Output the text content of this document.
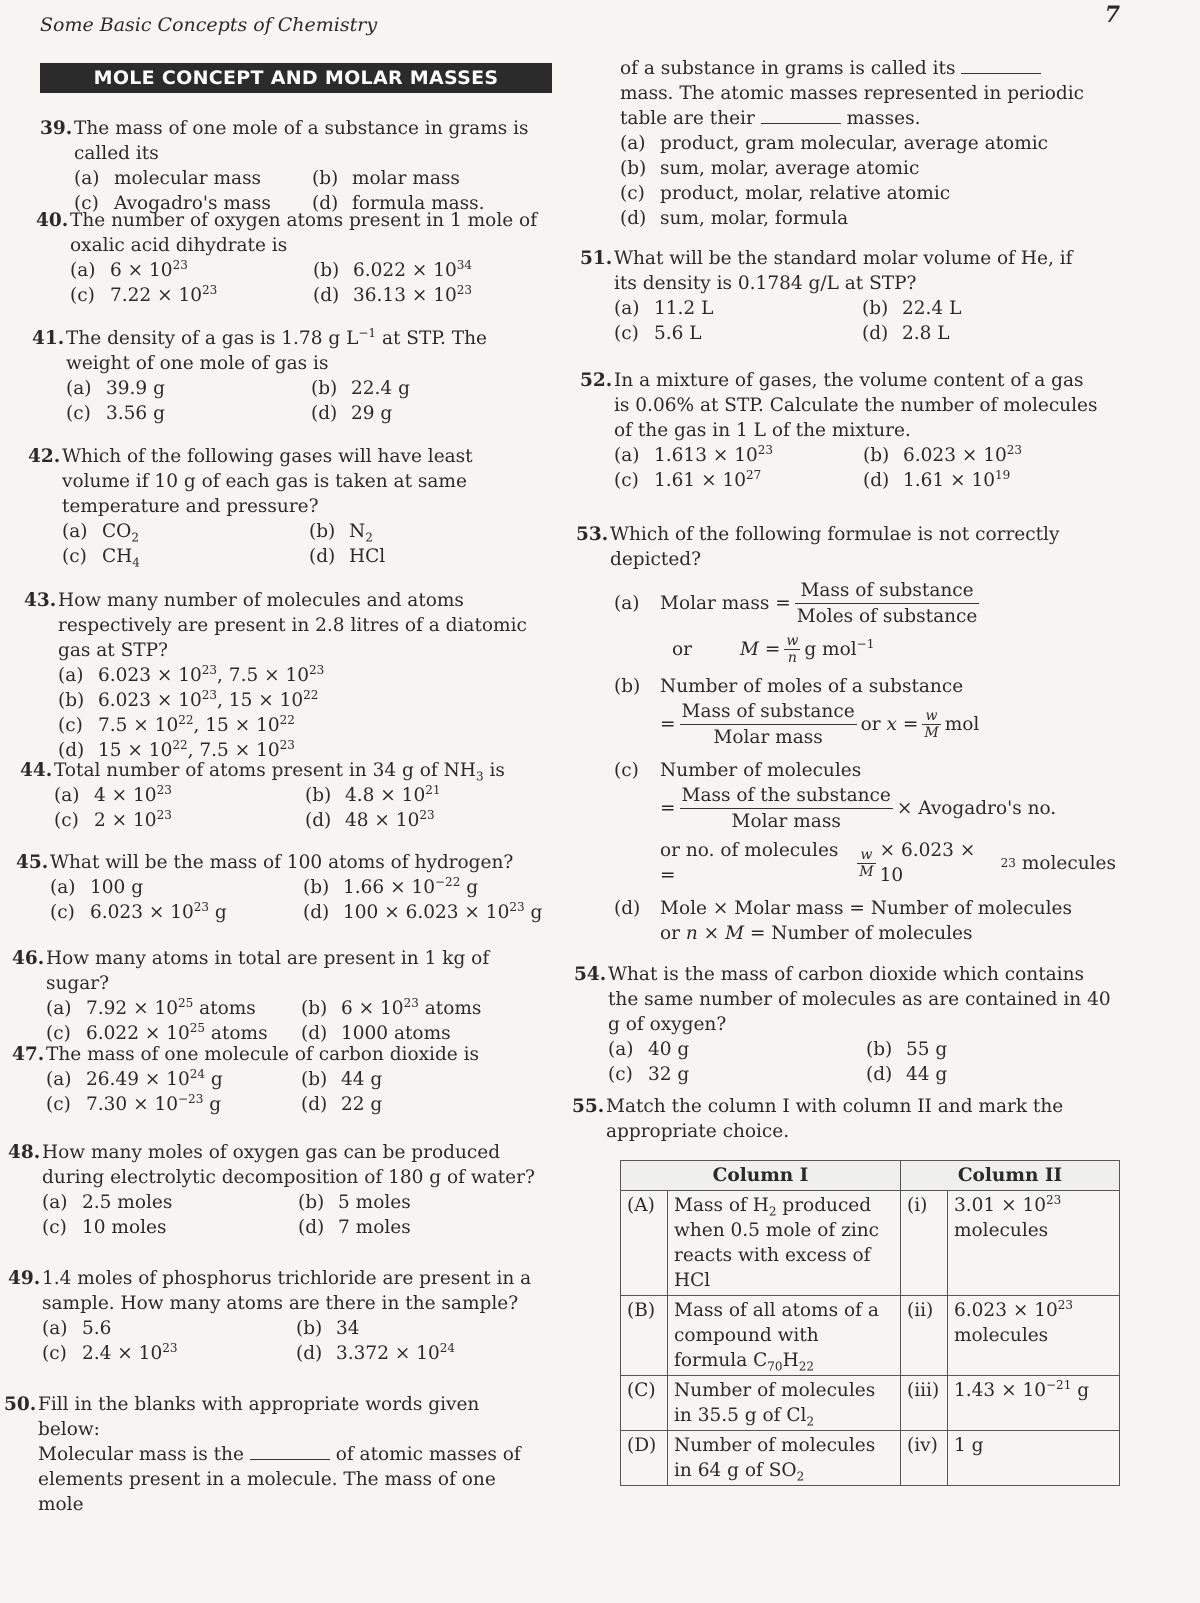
Some Basic Concepts of Chemistry	7
MOLE CONCEPT AND MOLAR MASSES
39. The mass of one mole of a substance in grams is called its
(a) molecular mass	(b) molar mass
(c) Avogadro's mass (d) formula mass.
40. The number of oxygen atoms present in 1 mole of oxalic acid dihydrate is
(a) $6 \times 10^{23}$	(b) $6.022 \times 10^{34}$
(c) $7.22 \times 10^{23}$	(d) $36.13 \times 10^{23}$
41. The density of a gas is 1.78 g $L^{-1}$ at STP. The weight of one mole of gas is
(a) 39.9 g	(b) 22.4 g
(c) 3.56 g	(d) 29 g
42. Which of the following gases will have least volume if 10 g of each gas is taken at same temperature and pressure?
(a) $CO_2$	(b) $N_2$
(c) $CH_4$	(d) HCl
43. How many number of molecules and atoms respectively are present in 2.8 litres of a diatomic gas at STP?
(a) $6.023 \times 10^{23}$, $7.5 \times 10^{23}$
(b) $6.023 \times 10^{23}$, $15 \times 10^{22}$
(c) $7.5 \times 10^{22}$, $15 \times 10^{22}$
(d) $15 \times 10^{22}$, $7.5 \times 10^{23}$
44. Total number of atoms present in 34 g of $NH_3$ is
(a) $4 \times 10^{23}$	(b) $4.8 \times 10^{21}$
(c) $2 \times 10^{23}$	(d) $48 \times 10^{23}$
45. What will be the mass of 100 atoms of hydrogen?
(a) 100 g	(b) $1.66 \times 10^{-22}$ g
(c) $6.023 \times 10^{23}$ g	(d) $100 \times 6.023 \times 10^{23}$ g
46. How many atoms in total are present in 1 kg of sugar?
(a) $7.92 \times 10^{25}$ atoms (b) $6 \times 10^{23}$ atoms
(c) $6.022 \times 10^{25}$ atoms (d) 1000 atoms
47. The mass of one molecule of carbon dioxide is
(a) $26.49 \times 10^{24}$ g	(b) 44 g
(c) $7.30 \times 10^{-23}$ g	(d) 22 g
48. How many moles of oxygen gas can be produced during electrolytic decomposition of 180 g of water?
(a) 2.5 moles	(b) 5 moles
(c) 10 moles	(d) 7 moles
49. 1.4 moles of phosphorus trichloride are present in a sample. How many atoms are there in the sample?
(a) 5.6	(b) 34
(c) $2.4 \times 10^{23}$	(d) $3.372 \times 10^{24}$
50. Fill in the blanks with appropriate words given below:
Molecular mass is the	of atomic masses of elements present in a molecule. The mass of one mole
of a substance in grams is called its  mass. The atomic masses represented in periodic table are their	masses.
(a) product, gram molecular, average atomic
(b) sum, molar, average atomic
(c) product, molar, relative atomic
(d) sum, molar, formula
51. What will be the standard molar volume of He, if its density is 0.1784 g/L at STP?
(a) 11.2 L	(b) 22.4 L
(c) 5.6 L	(d) 2.8 L
52. In a mixture of gases, the volume content of a gas is 0.06% at STP. Calculate the number of molecules of the gas in 1 L of the mixture.
(a) $1.613 \times 10^{23}$	(b) $6.023 \times 10^{23}$
(c) $1.61 \times 10^{27}$	(d) $1.61 \times 10^{19}$
53. Which of the following formulae is not correctly depicted?
(a)	Molar mass = $\frac{\text{Mass of substance}}{\text{Moles of substance}}$
or	$M = \frac{w}{n}$ g mol$^{-1}$
(b)	Number of moles of a substance
= $\frac{\text{Mass of substance}}{\text{Molar mass}}$ or $x = \frac{w}{M}$ mol
(c)	Number of molecules
= $\frac{\text{Mass of the substance}}{\text{Molar mass}}$ × Avogadro's no.
or no. of molecules =	$\frac{w}{M} \times 6.023 \times 10$
23 molecules
(d)	Mole × Molar mass = Number of molecules
or n × M = Number of molecules
54. What is the mass of carbon dioxide which contains the same number of molecules as are contained in 40 g of oxygen?
(a) 40 g	(b) 55 g
(c) 32 g	(d) 44 g
55. Match the column I with column II and mark the appropriate choice.
Column I		Column II	
(A)	Mass of $H_2$ produced when 0.5 mole of zinc reacts with excess of HCl	(i)	$3.01 \times 10^{23}$ molecules
(B)	Mass of all atoms of a compound with formula $C_{70}H_{22}$	(ii)	$6.023 \times 10^{23}$ molecules
(C)	Number of molecules in 35.5 g of $Cl_2$	(iii)	$1.43 \times 10^{-21}$ g
(D)	Number of molecules in 64 g of $SO_2$	(iv)	1 g
